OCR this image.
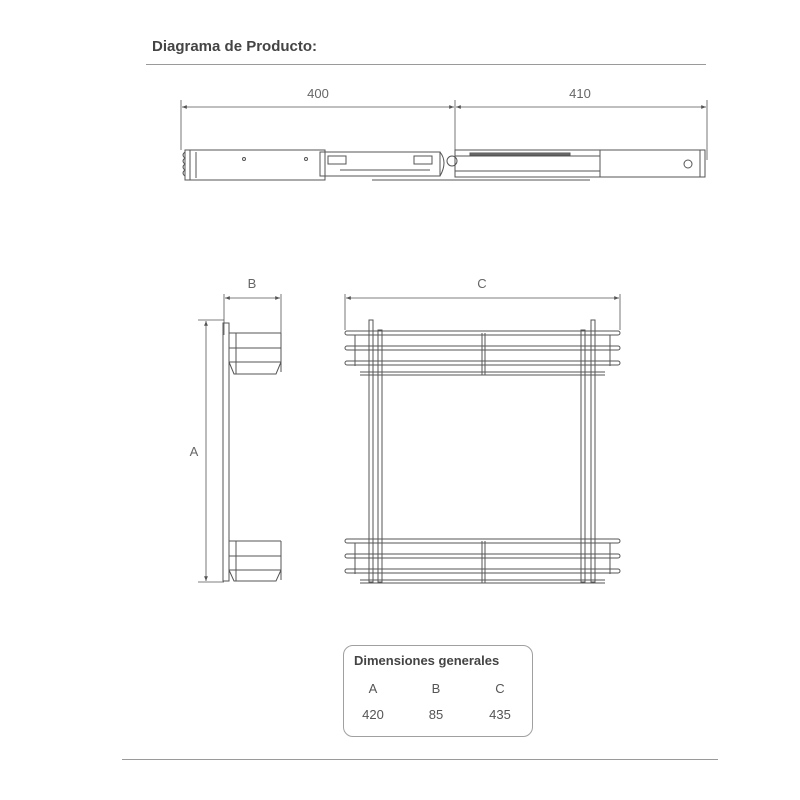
Diagrama de Producto:
400	410
B
A
C
Dimensiones generales
A	B	C
420	85	435
